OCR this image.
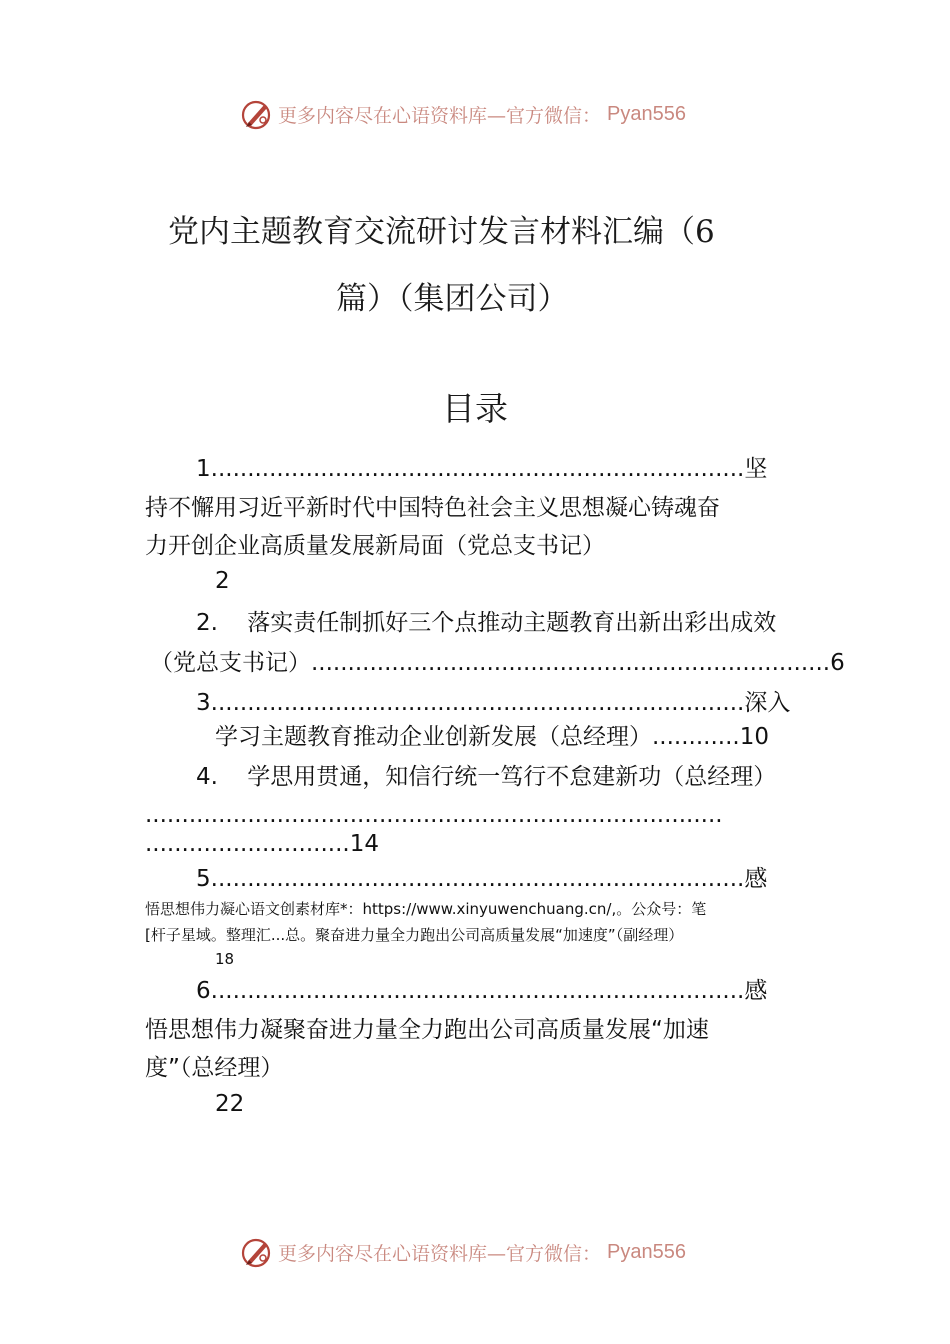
更多内容尽在心语资料库—官方微信： Pyan556
党内主题教育交流研讨发言材料汇编（6
篇）（集团公司）
目录
1.........................................................................坚
持不懈用习近平新时代中国特色社会主义思想凝心铸魂奋
力开创企业高质量发展新局面（党总支书记）
2
2.    落实责任制抓好三个点推动主题教育出新出彩出成效
（党总支书记）.......................................................................6
3.........................................................................深入
学习主题教育推动企业创新发展（总经理）............10
4.    学思用贯通，知信行统一笃行不怠建新功（总经理）
...............................................................................
............................14
5.........................................................................感
悟思想伟力凝心语文创素材库*：https://www.xinyuwenchuang.cn/,。公众号：笔
[杆子星域。整理汇...总。聚奋进力量全力跑出公司高质量发展“加速度”（副经理）
18
6.........................................................................感
悟思想伟力凝聚奋进力量全力跑出公司高质量发展“加速
度”（总经理）
22
更多内容尽在心语资料库—官方微信： Pyan556
